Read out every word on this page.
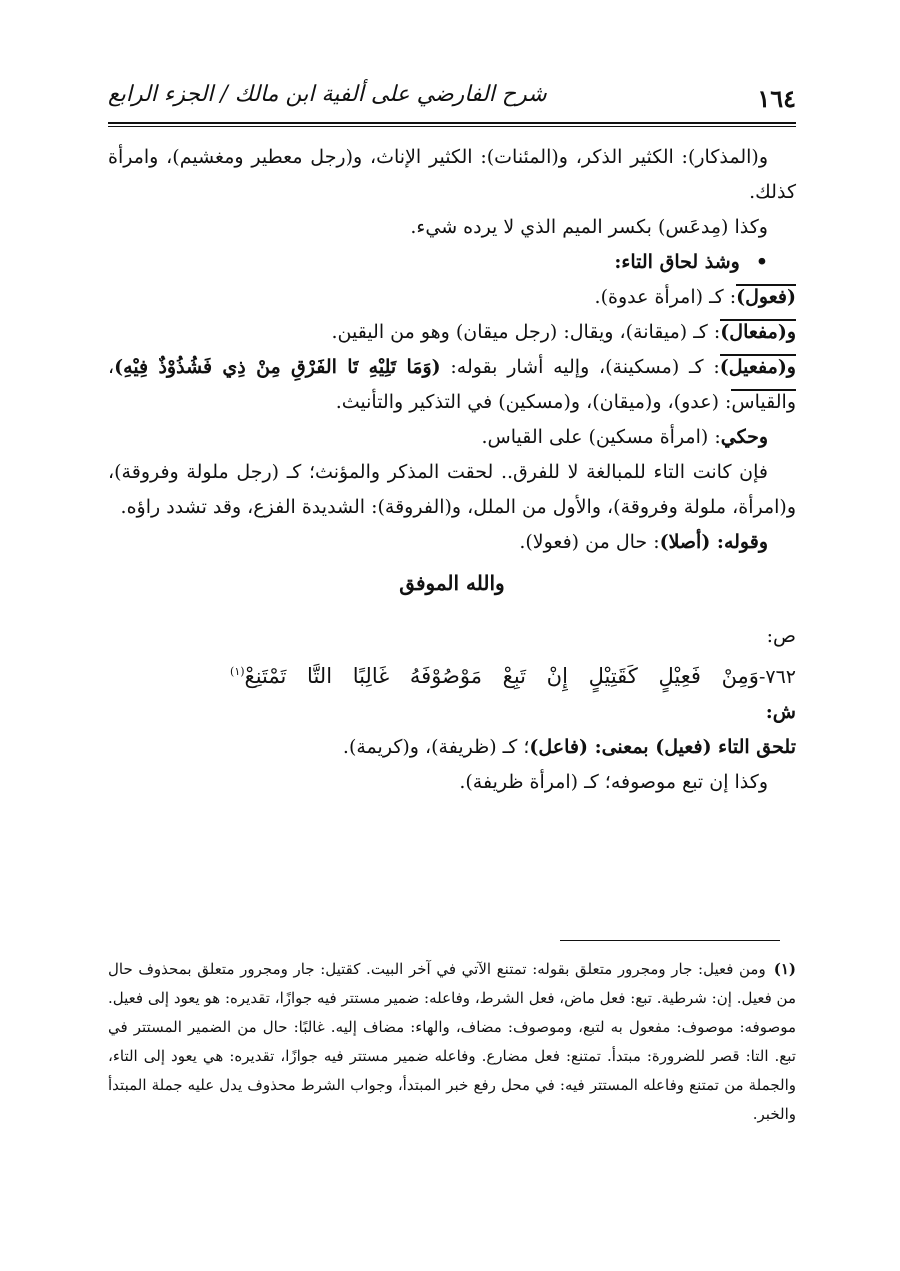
١٦٤
شرح الفارضي على ألفية ابن مالك / الجزء الرابع

و(المذكار): الكثير الذكر، و(المئنات): الكثير الإناث، و(رجل معطير ومغشيم)، وامرأة كذلك.

وكذا (مِدعَس) بكسر الميم الذي لا يرده شيء.

•وشذ لحاق التاء:

(فعول): كـ (امرأة عدوة).

و(مفعال): كـ (ميقانة)، ويقال: (رجل ميقان) وهو من اليقين.

و(مفعيل): كـ (مسكينة)، وإليه أشار بقوله: (وَمَا تَلِيْهِ تَا الفَرْقِ مِنْ ذِي فَشُذُوْذٌ فِيْهِ)، والقياس: (عدو)، و(ميقان)، و(مسكين) في التذكير والتأنيث.

وحكي: (امرأة مسكين) على القياس.

فإن كانت التاء للمبالغة لا للفرق.. لحقت المذكر والمؤنث؛ كـ (رجل ملولة وفروقة)، و(امرأة، ملولة وفروقة)، والأول من الملل، و(الفروقة): الشديدة الفزع، وقد تشدد راؤه.

وقوله: (أصلا): حال من (فعولا).

والله الموفق

ص:

٧٦٢-وَمِنْ فَعِيْلٍ كَقَتِيْلٍ إِنْ تَبِعْ مَوْصُوْفَهُ غَالِبًا التَّا تَمْتَنِعْ$^{(١)}$

ش:

تلحق التاء (فعيل) بمعنى: (فاعل)؛ كـ (ظريفة)، و(كريمة).

وكذا إن تبع موصوفه؛ كـ (امرأة ظريفة).

(١)ومن فعيل: جار ومجرور متعلق بقوله: تمتنع الآتي في آخر البيت. كقتيل: جار ومجرور متعلق بمحذوف حال من فعيل. إن: شرطية. تبع: فعل ماض، فعل الشرط، وفاعله: ضمير مستتر فيه جوازًا، تقديره: هو يعود إلى فعيل. موصوفه: موصوف: مفعول به لتبع، وموصوف: مضاف، والهاء: مضاف إليه. غالبًا: حال من الضمير المستتر في تبع. التا: قصر للضرورة: مبتدأ. تمتنع: فعل مضارع. وفاعله ضمير مستتر فيه جوازًا، تقديره: هي يعود إلى التاء، والجملة من تمتنع وفاعله المستتر فيه: في محل رفع خبر المبتدأ، وجواب الشرط محذوف يدل عليه جملة المبتدأ والخبر.
